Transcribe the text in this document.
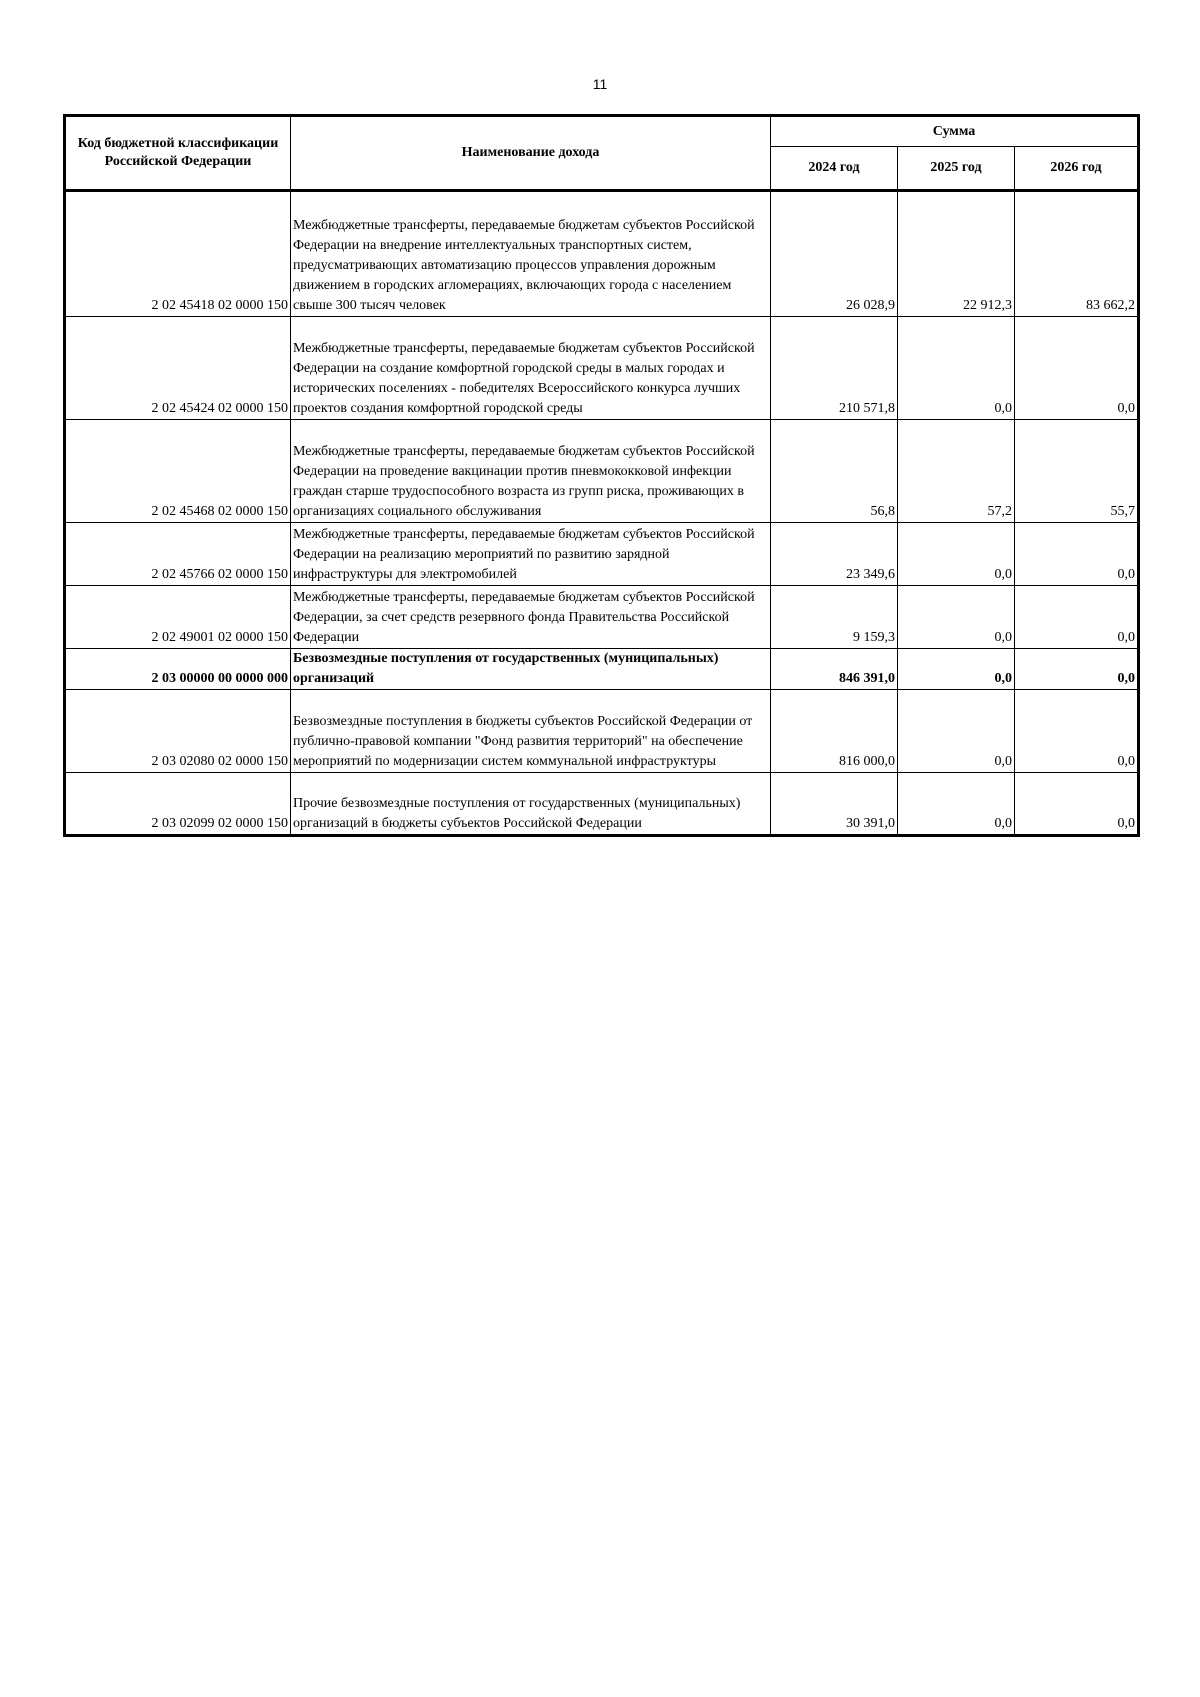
11
Код бюджетной классификации Российской Федерации	Наименование дохода	Сумма		
		2024 год	2025 год	2026 год
2 02 45418 02 0000 150	Межбюджетные трансферты, передаваемые бюджетам субъектов Российской Федерации на внедрение интеллектуальных транспортных систем, предусматривающих автоматизацию процессов управления дорожным движением в городских агломерациях, включающих города с населением свыше 300 тысяч человек	26 028,9	22 912,3	83 662,2
2 02 45424 02 0000 150	Межбюджетные трансферты, передаваемые бюджетам субъектов Российской Федерации на создание комфортной городской среды в малых городах и исторических поселениях - победителях Всероссийского конкурса лучших проектов создания комфортной городской среды	210 571,8	0,0	0,0
2 02 45468 02 0000 150	Межбюджетные трансферты, передаваемые бюджетам субъектов Российской Федерации на проведение вакцинации против пневмококковой инфекции граждан старше трудоспособного возраста из групп риска, проживающих в организациях социального обслуживания	56,8	57,2	55,7
2 02 45766 02 0000 150	Межбюджетные трансферты, передаваемые бюджетам субъектов Российской Федерации на реализацию мероприятий по развитию зарядной инфраструктуры для электромобилей	23 349,6	0,0	0,0
2 02 49001 02 0000 150	Межбюджетные трансферты, передаваемые бюджетам субъектов Российской Федерации, за счет средств резервного фонда Правительства Российской Федерации	9 159,3	0,0	0,0
2 03 00000 00 0000 000	Безвозмездные поступления от государственных (муниципальных) организаций	846 391,0	0,0	0,0
2 03 02080 02 0000 150	Безвозмездные поступления в бюджеты субъектов Российской Федерации от публично-правовой компании "Фонд развития территорий" на обеспечение мероприятий по модернизации систем коммунальной инфраструктуры	816 000,0	0,0	0,0
2 03 02099 02 0000 150	Прочие безвозмездные поступления от государственных (муниципальных) организаций в бюджеты субъектов Российской Федерации	30 391,0	0,0	0,0
